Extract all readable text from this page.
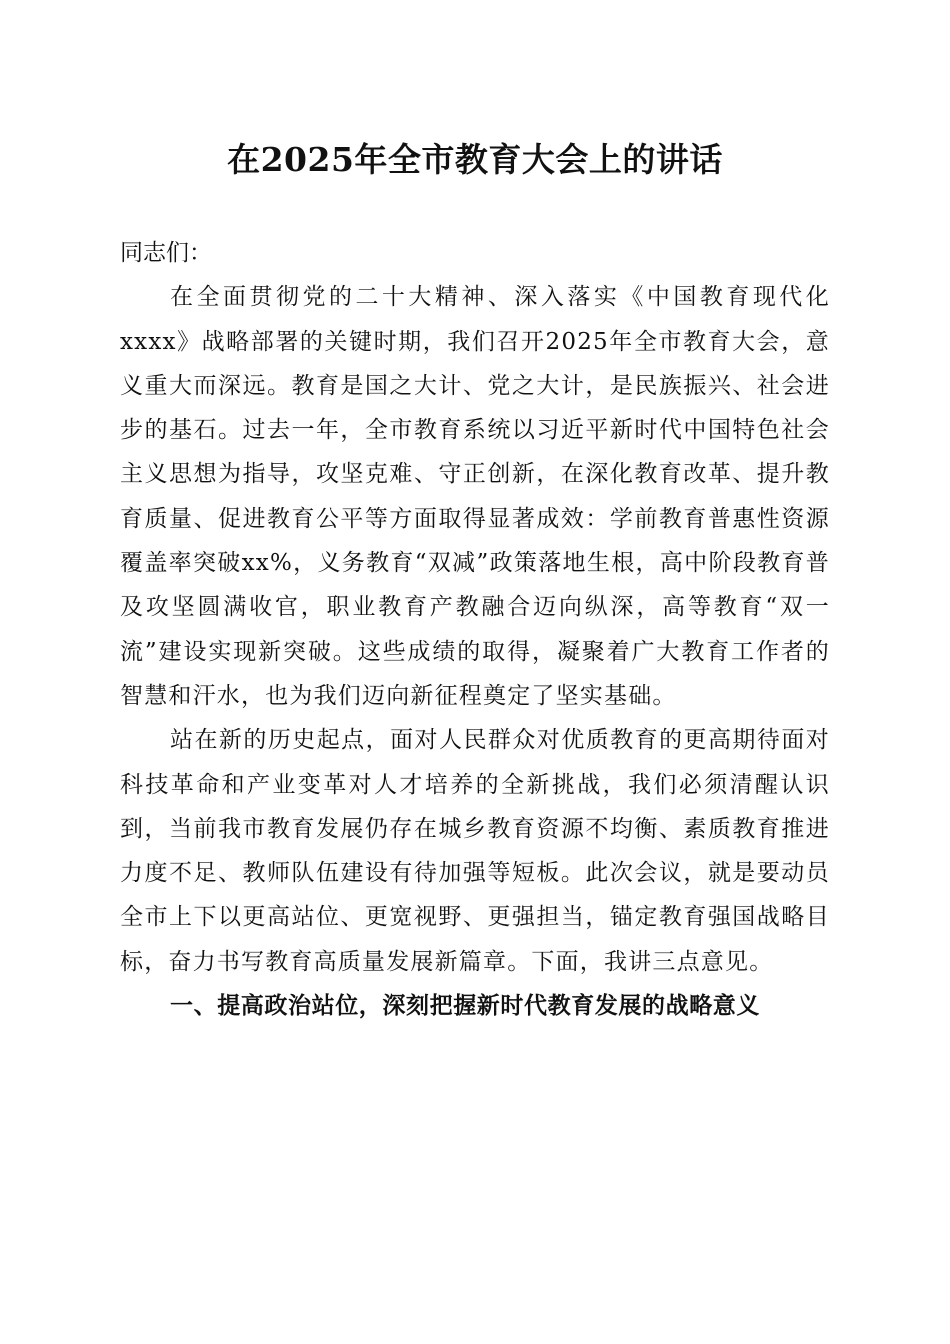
在2025年全市教育大会上的讲话

同志们：

在全面贯彻党的二十大精神、深入落实《中国教育现代化xxxx》战略部署的关键时期，我们召开2025年全市教育大会，意义重大而深远。教育是国之大计、党之大计，是民族振兴、社会进步的基石。过去一年，全市教育系统以习近平新时代中国特色社会主义思想为指导，攻坚克难、守正创新，在深化教育改革、提升教育质量、促进教育公平等方面取得显著成效：学前教育普惠性资源覆盖率突破xx%，义务教育“双减”政策落地生根，高中阶段教育普及攻坚圆满收官，职业教育产教融合迈向纵深，高等教育“双一流”建设实现新突破。这些成绩的取得，凝聚着广大教育工作者的智慧和汗水，也为我们迈向新征程奠定了坚实基础。

站在新的历史起点，面对人民群众对优质教育的更高期待面对科技革命和产业变革对人才培养的全新挑战，我们必须清醒认识到，当前我市教育发展仍存在城乡教育资源不均衡、素质教育推进力度不足、教师队伍建设有待加强等短板。此次会议，就是要动员全市上下以更高站位、更宽视野、更强担当，锚定教育强国战略目标，奋力书写教育高质量发展新篇章。下面，我讲三点意见。

一、提高政治站位，深刻把握新时代教育发展的战略意义
